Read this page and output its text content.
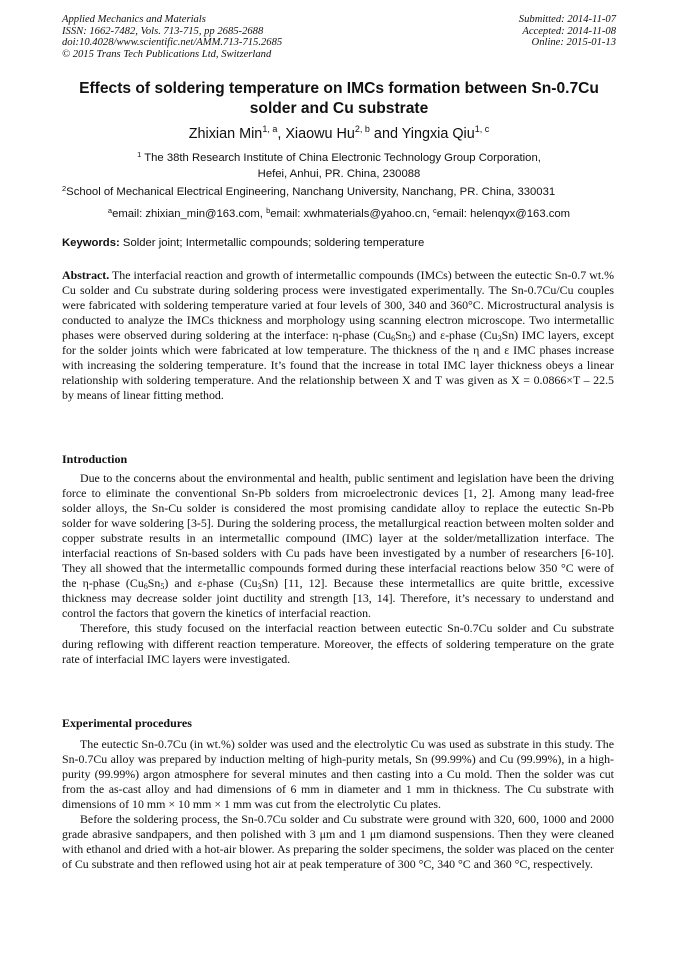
Applied Mechanics and Materials
ISSN: 1662-7482, Vols. 713-715, pp 2685-2688
doi:10.4028/www.scientific.net/AMM.713-715.2685
© 2015 Trans Tech Publications Ltd, Switzerland
Submitted: 2014-11-07
Accepted: 2014-11-08
Online: 2015-01-13
Effects of soldering temperature on IMCs formation between Sn-0.7Cu solder and Cu substrate
Zhixian Min$^{1, a}$, Xiaowu Hu$^{2, b}$ and Yingxia Qiu$^{1, c}$
$^1$ The 38th Research Institute of China Electronic Technology Group Corporation,
Hefei, Anhui, PR. China, 230088
$^2$School of Mechanical Electrical Engineering, Nanchang University, Nanchang, PR. China, 330031
$^a$email: zhixian_min@163.com, $^b$email: xwhmaterials@yahoo.cn, $^c$email: helenqyx@163.com
Keywords: Solder joint; Intermetallic compounds; soldering temperature

Abstract. The interfacial reaction and growth of intermetallic compounds (IMCs) between the eutectic Sn-0.7 wt.% Cu solder and Cu substrate during soldering process were investigated experimentally. The Sn-0.7Cu/Cu couples were fabricated with soldering temperature varied at four levels of 300, 340 and 360°C. Microstructural analysis is conducted to analyze the IMCs thickness and morphology using scanning electron microscope. Two intermetallic phases were observed during soldering at the interface: η-phase $(Cu_6Sn_5)$ and ε-phase $(Cu_3Sn)$ IMC layers, except for the solder joints which were fabricated at low temperature. The thickness of the η and ε IMC phases increase with increasing the soldering temperature. It’s found that the increase in total IMC layer thickness obeys a linear relationship with soldering temperature. And the relationship between X and T was given as X = 0.0866×T – 22.5 by means of linear fitting method.

Introduction

Due to the concerns about the environmental and health, public sentiment and legislation have been the driving force to eliminate the conventional Sn-Pb solders from microelectronic devices [1, 2]. Among many lead-free solder alloys, the Sn-Cu solder is considered the most promising candidate alloy to replace the eutectic Sn-Pb solder for wave soldering [3-5]. During the soldering process, the metallurgical reaction between molten solder and copper substrate results in an intermetallic compound (IMC) layer at the solder/metallization interface. The interfacial reactions of Sn-based solders with Cu pads have been investigated by a number of researchers [6-10]. They all showed that the intermetallic compounds formed during these interfacial reactions below 350 °C were of the η-phase $(Cu_6Sn_5)$ and ε-phase $(Cu_3Sn)$ [11, 12]. Because these intermetallics are quite brittle, excessive thickness may decrease solder joint ductility and strength [13, 14]. Therefore, it’s necessary to understand and control the factors that govern the kinetics of interfacial reaction.

Therefore, this study focused on the interfacial reaction between eutectic Sn-0.7Cu solder and Cu substrate during reflowing with different reaction temperature. Moreover, the effects of soldering temperature on the grate rate of interfacial IMC layers were investigated.

Experimental procedures

The eutectic Sn-0.7Cu (in wt.%) solder was used and the electrolytic Cu was used as substrate in this study. The Sn-0.7Cu alloy was prepared by induction melting of high-purity metals, Sn (99.99%) and Cu (99.99%), in a high-purity (99.99%) argon atmosphere for several minutes and then casting into a Cu mold. Then the solder was cut from the as-cast alloy and had dimensions of 6 mm in diameter and 1 mm in thickness. The Cu substrate with dimensions of 10 mm × 10 mm × 1 mm was cut from the electrolytic Cu plates.

Before the soldering process, the Sn-0.7Cu solder and Cu substrate were ground with 320, 600, 1000 and 2000 grade abrasive sandpapers, and then polished with 3 μm and 1 μm diamond suspensions. Then they were cleaned with ethanol and dried with a hot-air blower. As preparing the solder specimens, the solder was placed on the center of Cu substrate and then reflowed using hot air at peak temperature of 300 °C, 340 °C and 360 °C, respectively.
